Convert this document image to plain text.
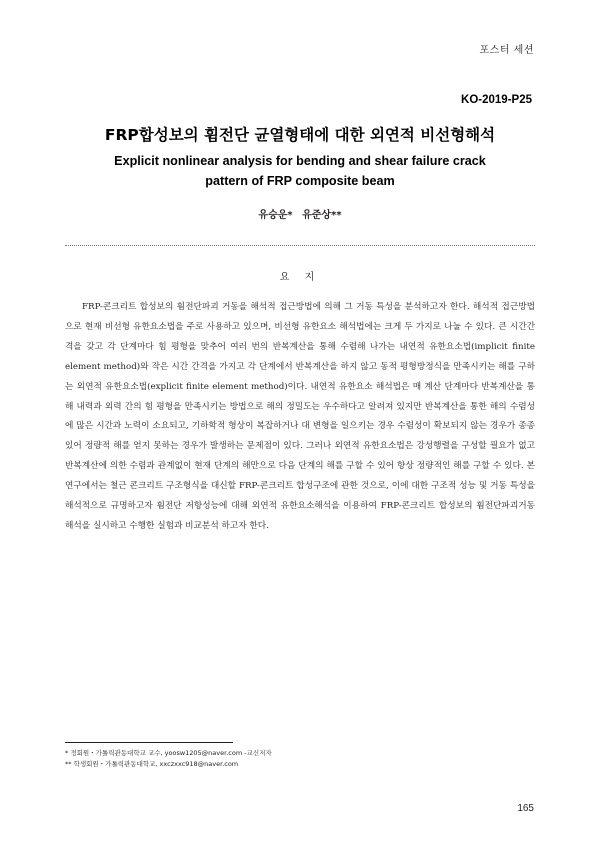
포스터 세션
KO-2019-P25
FRP합성보의 휨전단 균열형태에 대한 외연적 비선형해석
Explicit nonlinear analysis for bending and shear failure crack
pattern of FRP composite beam
유승운* 유준상**
요 지
FRP-콘크리트 합성보의 휨전단파괴 거동을 해석적 접근방법에 의해 그 거동 특성을 분석하고자 한다. 해석적 접근방법으로 현재 비선형 유한요소법을 주로 사용하고 있으며, 비선형 유한요소 해석법에는 크게 두 가지로 나눌 수 있다. 큰 시간간격을 갖고 각 단계마다 힘 평형을 맞추어 여러 번의 반복계산을 통해 수렴해 나가는 내연적 유한요소법(implicit finite element method)와 작은 시간 간격을 가지고 각 단계에서 반복계산을 하지 않고 동적 평형방정식을 만족시키는 해를 구하는 외연적 유한요소법(explicit finite element method)이다. 내연적 유한요소 해석법은 매 계산 단계마다 반복계산을 통해 내력과 외력 간의 힘 평형을 만족시키는 방법으로 해의 정밀도는 우수하다고 알려져 있지만 반복계산을 통한 해의 수렴성에 많은 시간과 노력이 소요되고, 기하학적 형상이 복잡하거나 대 변형을 일으키는 경우 수렴성이 확보되지 않는 경우가 종종 있어 정량적 해를 얻지 못하는 경우가 발생하는 문제점이 있다. 그러나 외연적 유한요소법은 강성행렬을 구성할 필요가 없고 반복계산에 의한 수렴과 관계없이 현재 단계의 해만으로 다음 단계의 해를 구할 수 있어 항상 정량적인 해를 구할 수 있다. 본 연구에서는 철근 콘크리트 구조형식을 대신할 FRP-콘크리트 합성구조에 관한 것으로, 이에 대한 구조적 성능 및 거동 특성을 해석적으로 규명하고자 휨전단 저항성능에 대해 외연적 유한요소해석을 이용하여 FRP-콘크리트 합성보의 휨전단파괴거동 해석을 실시하고 수행한 실험과 비교분석 하고자 한다.
* 정회원・가톨릭관동대학교 교수, yoosw1205@naver.com -교신저자
** 학생회원・가톨릭관동대학교, xxczxxc918@naver.com
165
